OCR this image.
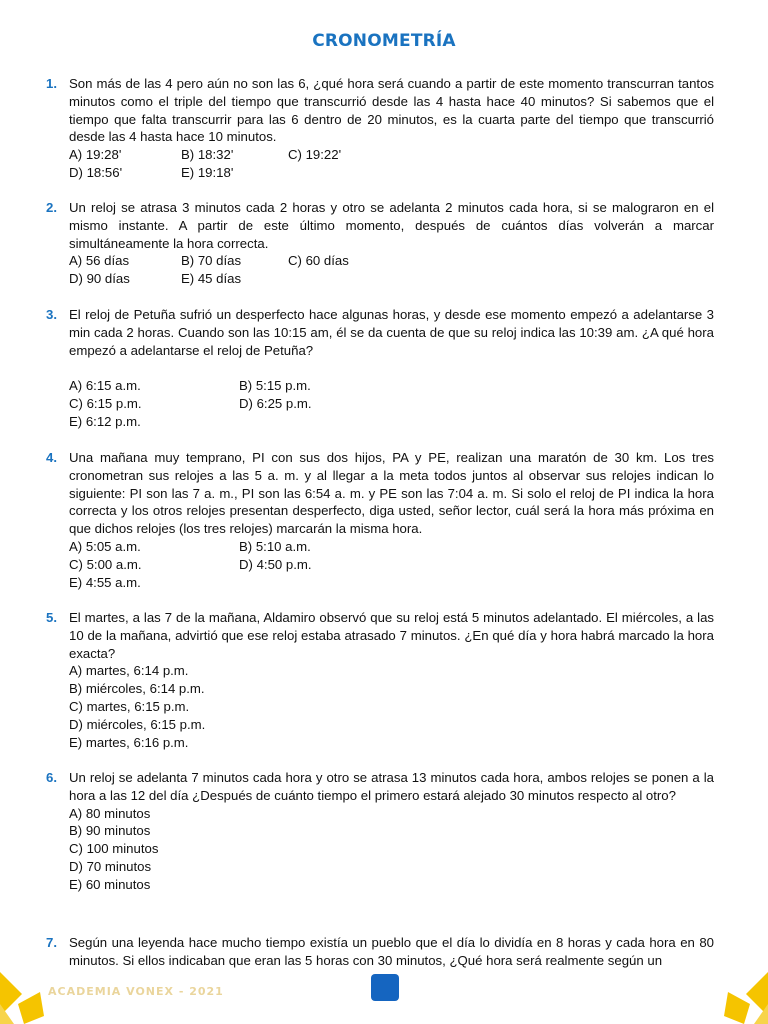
CRONOMETRÍA
1. Son más de las 4 pero aún no son las 6, ¿qué hora será cuando a partir de este momento transcurran tantos minutos como el triple del tiempo que transcurrió desde las 4 hasta hace 40 minutos? Si sabemos que el tiempo que falta transcurrir para las 6 dentro de 20 minutos, es la cuarta parte del tiempo que transcurrió desde las 4 hasta hace 10 minutos.
A) 19:28'	B) 18:32'	C) 19:22'
D) 18:56'	E) 19:18'
2. Un reloj se atrasa 3 minutos cada 2 horas y otro se adelanta 2 minutos cada hora, si se malograron en el mismo instante. A partir de este último momento, después de cuántos días volverán a marcar simultáneamente la hora correcta.
A) 56 días	B) 70 días	C) 60 días
D) 90 días	E) 45 días
3. El reloj de Petuña sufrió un desperfecto hace algunas horas, y desde ese momento empezó a adelantarse 3 min cada 2 horas. Cuando son las 10:15 am, él se da cuenta de que su reloj indica las 10:39 am. ¿A qué hora empezó a adelantarse el reloj de Petuña?
A) 6:15 a.m.	B) 5:15 p.m.
C) 6:15 p.m.	D) 6:25 p.m.
E) 6:12 p.m.
4. Una mañana muy temprano, PI con sus dos hijos, PA y PE, realizan una maratón de 30 km. Los tres cronometran sus relojes a las 5 a. m. y al llegar a la meta todos juntos al observar sus relojes indican lo siguiente: PI son las 7 a. m., PI son las 6:54 a. m. y PE son las 7:04 a. m. Si solo el reloj de PI indica la hora correcta y los otros relojes presentan desperfecto, diga usted, señor lector, cuál será la hora más próxima en que dichos relojes (los tres relojes) marcarán la misma hora.
A) 5:05 a.m.	B) 5:10 a.m.
C) 5:00 a.m.	D) 4:50 p.m.
E) 4:55 a.m.
5. El martes, a las 7 de la mañana, Aldamiro observó que su reloj está 5 minutos adelantado. El miércoles, a las 10 de la mañana, advirtió que ese reloj estaba atrasado 7 minutos. ¿En qué día y hora habrá marcado la hora exacta?
A) martes, 6:14 p.m.
B) miércoles, 6:14 p.m.
C) martes, 6:15 p.m.
D) miércoles, 6:15 p.m.
E) martes, 6:16 p.m.
6. Un reloj se adelanta 7 minutos cada hora y otro se atrasa 13 minutos cada hora, ambos relojes se ponen a la hora a las 12 del día ¿Después de cuánto tiempo el primero estará alejado 30 minutos respecto al otro?
A) 80 minutos
B) 90 minutos
C) 100 minutos
D) 70 minutos
E) 60 minutos
7. Según una leyenda hace mucho tiempo existía un pueblo que el día lo dividía en 8 horas y cada hora en 80 minutos. Si ellos indicaban que eran las 5 horas con 30 minutos, ¿Qué hora será realmente según un
ACADEMIA VONEX - 2021
